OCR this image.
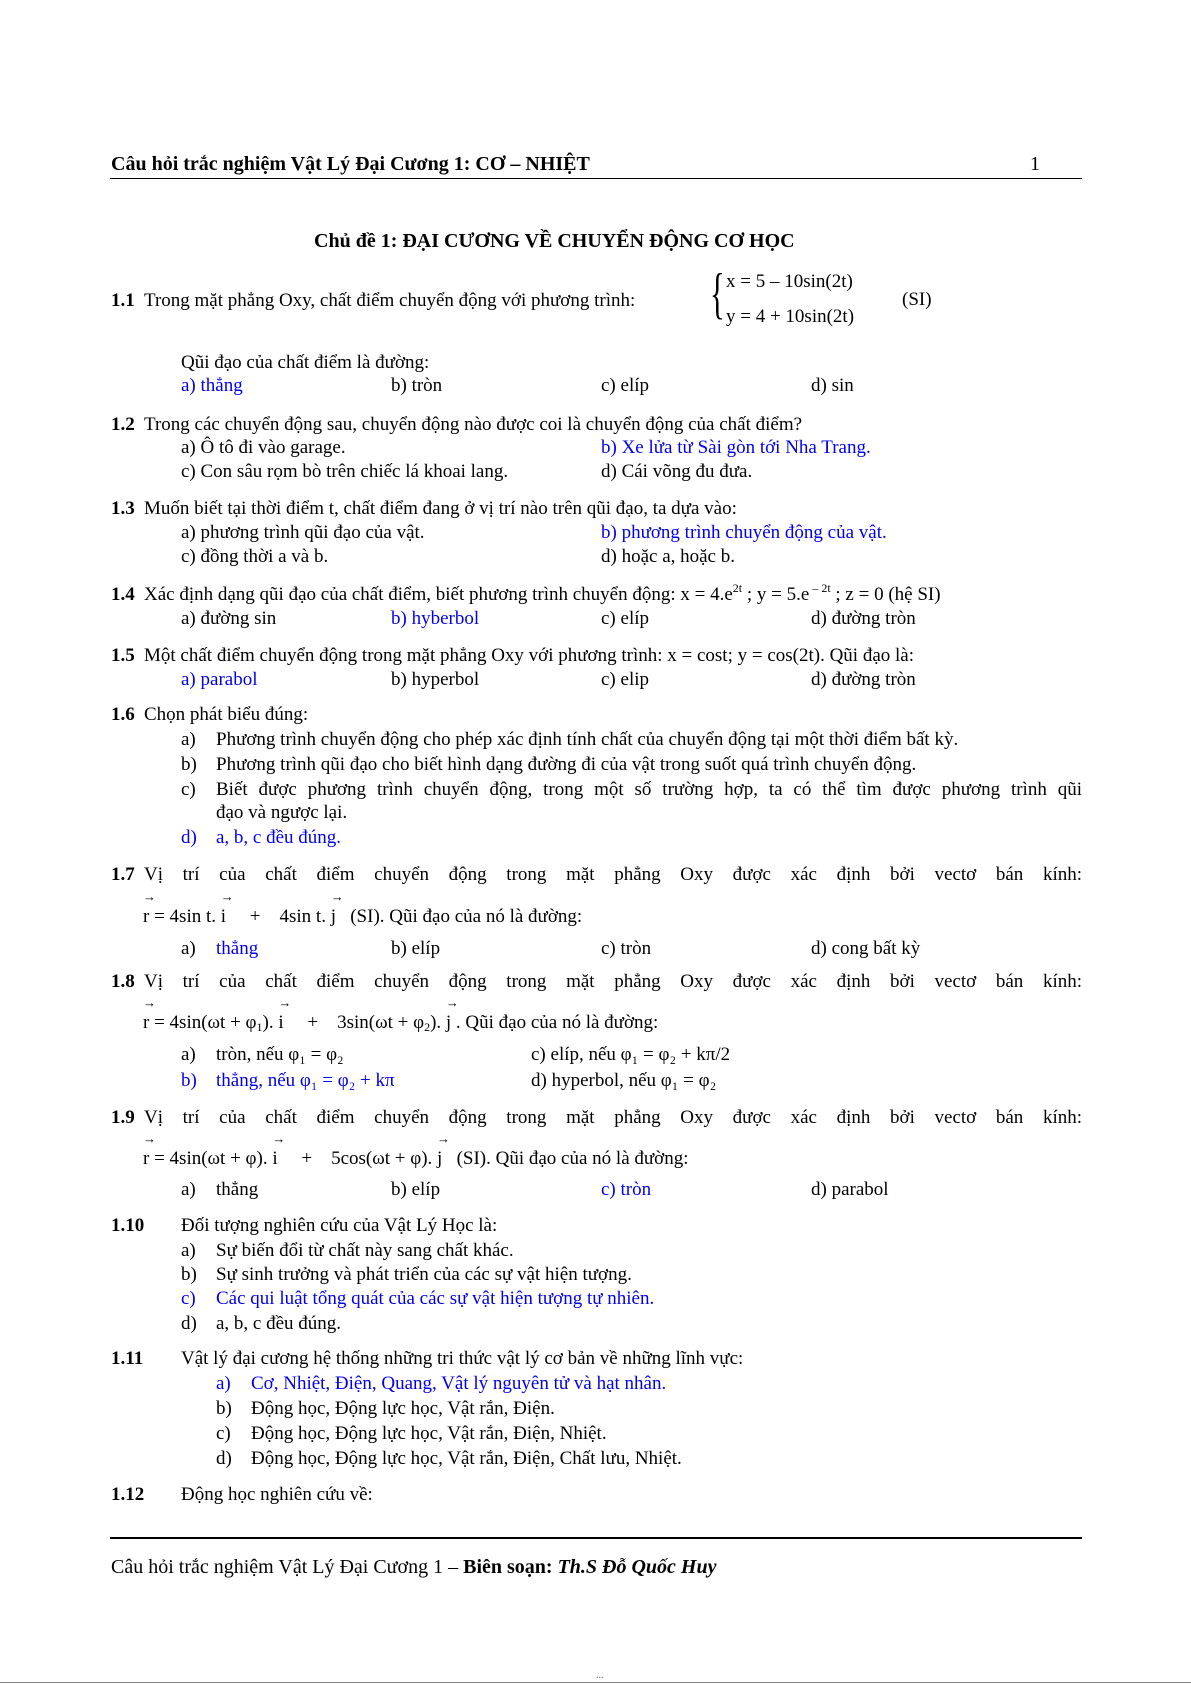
Câu hỏi trắc nghiệm Vật Lý Đại Cương 1: CƠ – NHIỆT	1
Chủ đề 1: ĐẠI CƯƠNG VỀ CHUYỂN ĐỘNG CƠ HỌC
1.1 Trong mặt phẳng Oxy, chất điểm chuyển động với phương trình: { x = 5 – 10sin(2t)
y = 4 + 10sin(2t)
(SI)
Qũi đạo của chất điểm là đường:
a) thẳng	b) tròn	c) elíp	d) sin
1.2 Trong các chuyển động sau, chuyển động nào được coi là chuyển động của chất điểm?
a) Ô tô đi vào garage.	b) Xe lửa từ Sài gòn tới Nha Trang.
c) Con sâu rọm bò trên chiếc lá khoai lang.	d) Cái võng đu đưa.
1.3 Muốn biết tại thời điểm t, chất điểm đang ở vị trí nào trên qũi đạo, ta dựa vào:
a) phương trình qũi đạo của vật.	b) phương trình chuyển động của vật.
c) đồng thời a và b.	d) hoặc a, hoặc b.
1.4 Xác định dạng qũi đạo của chất điểm, biết phương trình chuyển động: $x = 4.e^{2t}$ ; y = 5.e $^{- 2t}$ ; z = 0 (hệ SI)
a) đường sin	b) hyberbol	c) elíp	d) đường tròn
1.5 Một chất điểm chuyển động trong mặt phẳng Oxy với phương trình: x = cost; y = cos(2t). Qũi đạo là:
a) parabol	b) hyperbol	c) elip	d) đường tròn
1.6 Chọn phát biểu đúng:
a) Phương trình chuyển động cho phép xác định tính chất của chuyển động tại một thời điểm bất kỳ.
b) Phương trình qũi đạo cho biết hình dạng đường đi của vật trong suốt quá trình chuyển động.
c) Biết được phương trình chuyển động, trong một số trường hợp, ta có thể tìm được phương trình qũi
đạo và ngược lại.
d) a, b, c đều đúng.
1.7 Vị trí của chất điểm chuyển động trong mặt phẳng Oxy được xác định bởi vectơ bán kính:
→
r = 4sin t.
→
i + 4sin t.
→
j (SI). Qũi đạo của nó là đường:
a) thẳng	b) elíp	c) tròn	d) cong bất kỳ
1.8 Vị trí của chất điểm chuyển động trong mặt phẳng Oxy được xác định bởi vectơ bán kính:
→
$r = 4\sin(\omega t + \varphi_1)$.
→
$i + 3\sin(\omega t + \varphi_2)$.
→
j . Qũi đạo của nó là đường:
a) tròn, nếu φ₁ = φ₂	c) elíp, nếu φ₁ = φ₂ + kπ/2
b) thẳng, nếu φ₁ = φ₂ + kπ	d) hyperbol, nếu φ₁ = φ₂
1.9 Vị trí của chất điểm chuyển động trong mặt phẳng Oxy được xác định bởi vectơ bán kính:
→
r = 4sin(ωt + φ).
→
i + 5cos(ωt + φ).
→
j (SI). Qũi đạo của nó là đường:
a) thẳng	b) elíp	c) tròn	d) parabol
1.10 Đối tượng nghiên cứu của Vật Lý Học là:
a) Sự biến đổi từ chất này sang chất khác.
b) Sự sinh trưởng và phát triển của các sự vật hiện tượng.
c) Các qui luật tổng quát của các sự vật hiện tượng tự nhiên.
d) a, b, c đều đúng.
1.11 Vật lý đại cương hệ thống những tri thức vật lý cơ bản về những lĩnh vực:
a) Cơ, Nhiệt, Điện, Quang, Vật lý nguyên tử và hạt nhân.
b) Động học, Động lực học, Vật rắn, Điện.
c) Động học, Động lực học, Vật rắn, Điện, Nhiệt.
d) Động học, Động lực học, Vật rắn, Điện, Chất lưu, Nhiệt.
1.12 Động học nghiên cứu về:
Câu hỏi trắc nghiệm Vật Lý Đại Cương 1 – Biên soạn: Th.S Đỗ Quốc Huy
...
